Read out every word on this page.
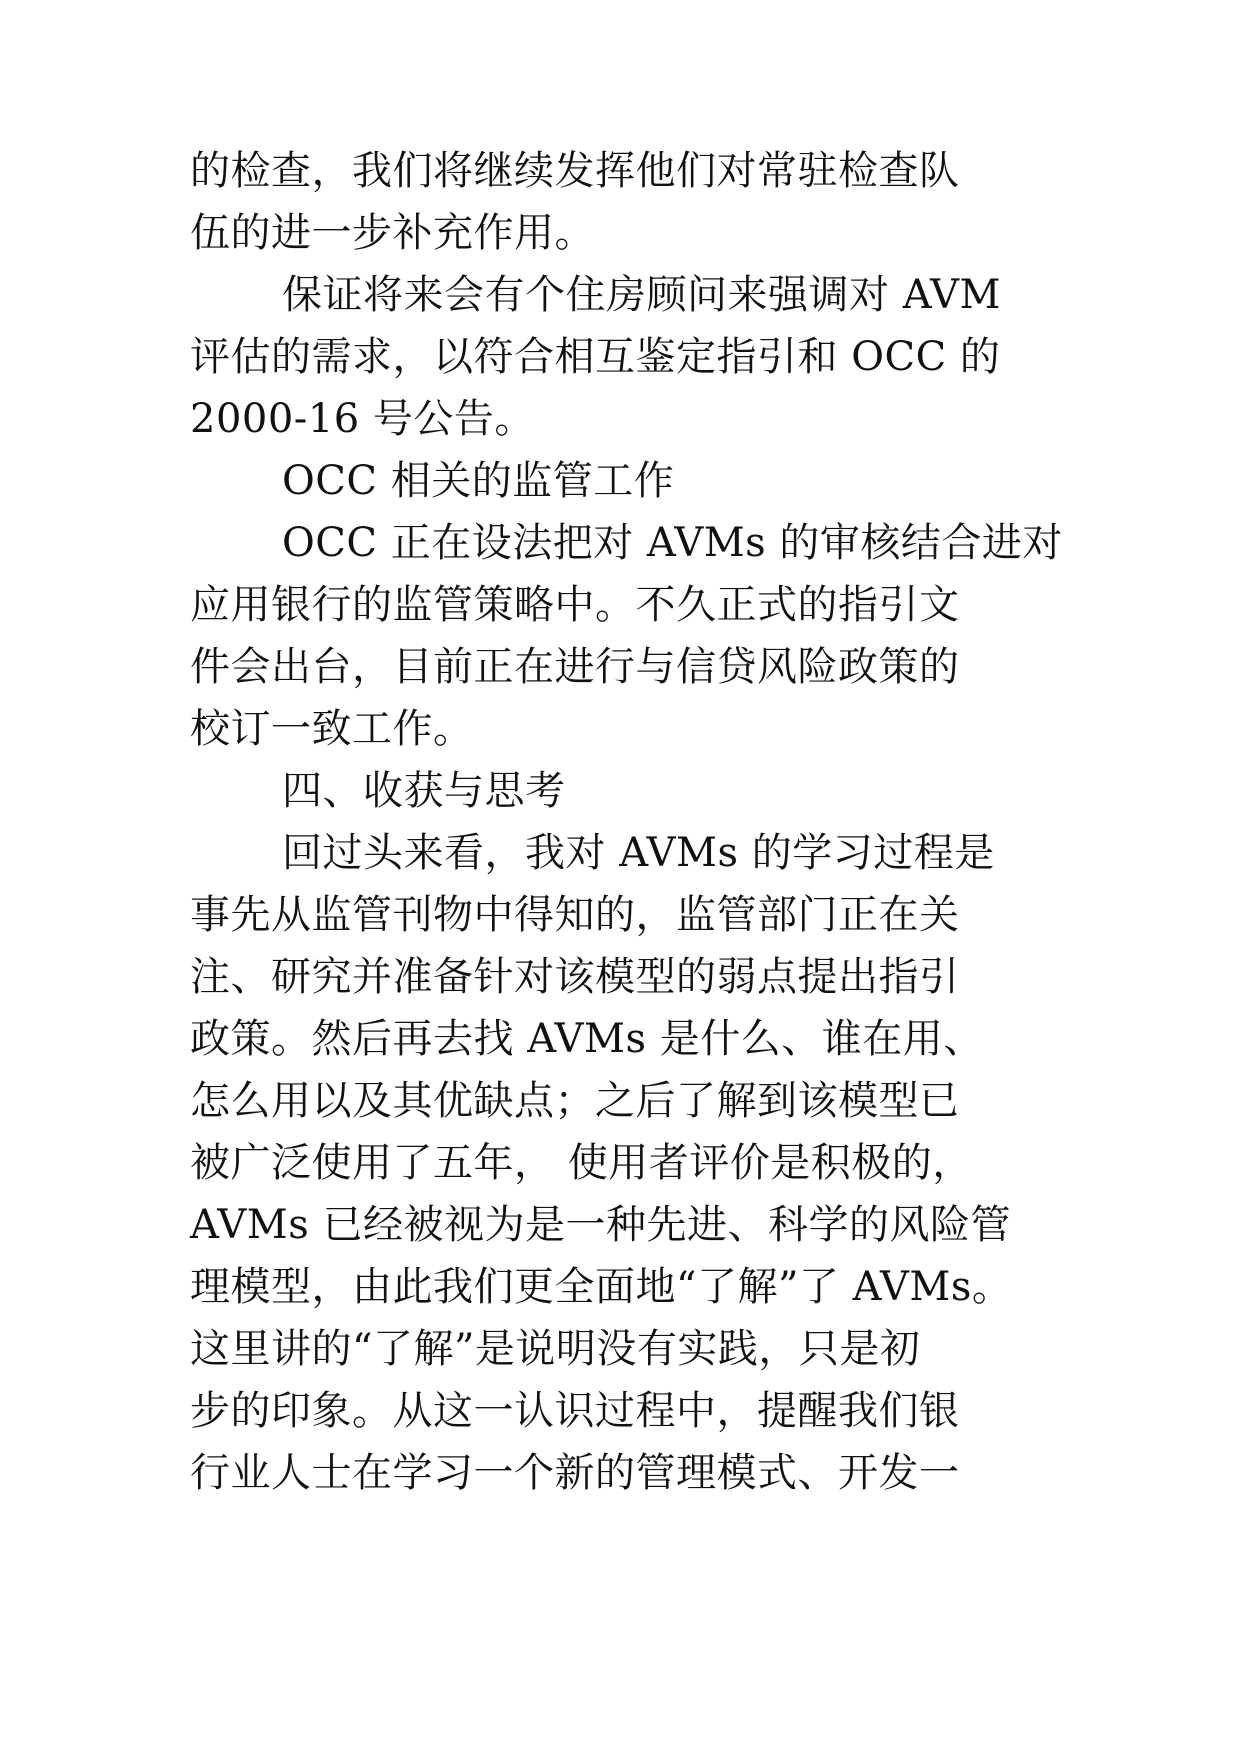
的检查，我们将继续发挥他们对常驻检查队
伍的进一步补充作用。
保证将来会有个住房顾问来强调对 AVM
评估的需求，以符合相互鉴定指引和 OCC 的
2000-16 号公告。
OCC 相关的监管工作
OCC 正在设法把对 AVMs 的审核结合进对
应用银行的监管策略中。不久正式的指引文
件会出台，目前正在进行与信贷风险政策的
校订一致工作。
四、收获与思考
回过头来看，我对 AVMs 的学习过程是
事先从监管刊物中得知的，监管部门正在关
注、研究并准备针对该模型的弱点提出指引
政策。然后再去找 AVMs 是什么、谁在用、
怎么用以及其优缺点；之后了解到该模型已
被广泛使用了五年， 使用者评价是积极的，
AVMs 已经被视为是一种先进、科学的风险管
理模型，由此我们更全面地“了解”了 AVMs。
这里讲的“了解”是说明没有实践，只是初
步的印象。从这一认识过程中，提醒我们银
行业人士在学习一个新的管理模式、开发一
